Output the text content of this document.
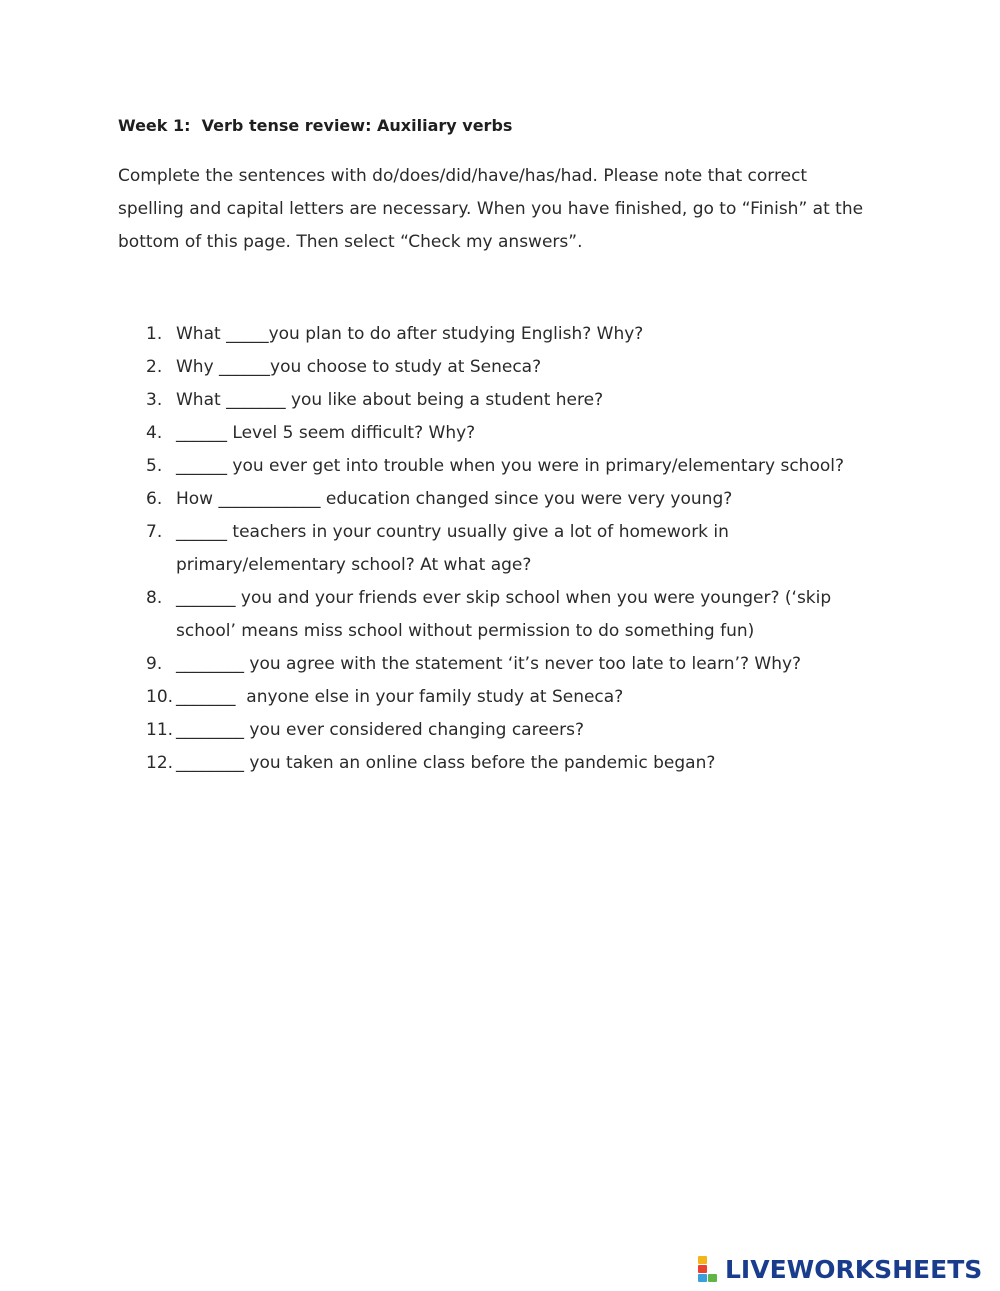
Week 1:  Verb tense review: Auxiliary verbs

Complete the sentences with do/does/did/have/has/had. Please note that correct

spelling and capital letters are necessary. When you have finished, go to “Finish” at the

bottom of this page. Then select “Check my answers”.

1. What _____you plan to do after studying English? Why?
2. Why ______you choose to study at Seneca?
3. What _______ you like about being a student here?
4. ______ Level 5 seem difficult? Why?
5. ______ you ever get into trouble when you were in primary/elementary school?
6. How ____________ education changed since you were very young?
7. ______ teachers in your country usually give a lot of homework in
primary/elementary school? At what age?
8. _______ you and your friends ever skip school when you were younger? (‘skip
school’ means miss school without permission to do something fun)
9. ________ you agree with the statement ‘it’s never too late to learn’? Why?
10. _______  anyone else in your family study at Seneca?
11. ________ you ever considered changing careers?
12. ________ you taken an online class before the pandemic began?
LIVEWORKSHEETS
